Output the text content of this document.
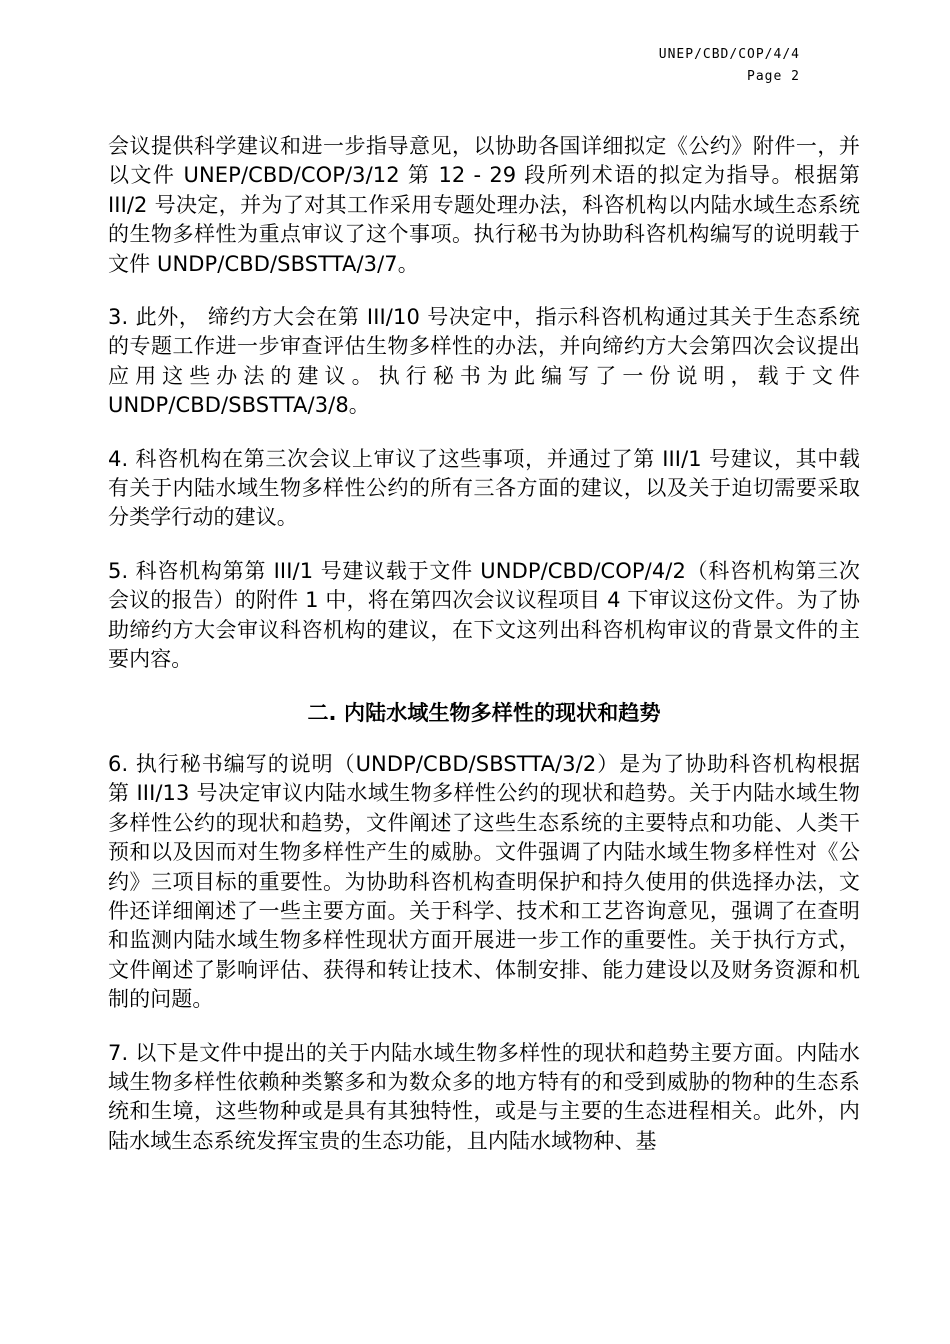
UNEP/CBD/COP/4/4
Page 2

会议提供科学建议和进一步指导意见，以协助各国详细拟定《公约》附件一，并以文件 UNEP/CBD/COP/3/12 第 12 - 29 段所列术语的拟定为指导。根据第 III/2 号决定，并为了对其工作采用专题处理办法，科咨机构以内陆水域生态系统的生物多样性为重点审议了这个事项。执行秘书为协助科咨机构编写的说明载于文件 UNDP/CBD/SBSTTA/3/7。

3. 此外， 缔约方大会在第 III/10 号决定中，指示科咨机构通过其关于生态系统的专题工作进一步审查评估生物多样性的办法，并向缔约方大会第四次会议提出应用这些办法的建议。执行秘书为此编写了一份说明，载于文件 UNDP/CBD/SBSTTA/3/8。

4. 科咨机构在第三次会议上审议了这些事项，并通过了第 III/1 号建议，其中载有关于内陆水域生物多样性公约的所有三各方面的建议，以及关于迫切需要采取分类学行动的建议。

5. 科咨机构第第 III/1 号建议载于文件 UNDP/CBD/COP/4/2（科咨机构第三次会议的报告）的附件 1 中，将在第四次会议议程项目 4 下审议这份文件。为了协助缔约方大会审议科咨机构的建议，在下文这列出科咨机构审议的背景文件的主要内容。

二. 内陆水域生物多样性的现状和趋势

6. 执行秘书编写的说明（UNDP/CBD/SBSTTA/3/2）是为了协助科咨机构根据第 III/13 号决定审议内陆水域生物多样性公约的现状和趋势。关于内陆水域生物多样性公约的现状和趋势，文件阐述了这些生态系统的主要特点和功能、人类干预和以及因而对生物多样性产生的威胁。文件强调了内陆水域生物多样性对《公约》三项目标的重要性。为协助科咨机构查明保护和持久使用的供选择办法，文件还详细阐述了一些主要方面。关于科学、技术和工艺咨询意见，强调了在查明和监测内陆水域生物多样性现状方面开展进一步工作的重要性。关于执行方式，文件阐述了影响评估、获得和转让技术、体制安排、能力建设以及财务资源和机制的问题。

7. 以下是文件中提出的关于内陆水域生物多样性的现状和趋势主要方面。内陆水域生物多样性依赖种类繁多和为数众多的地方特有的和受到威胁的物种的生态系统和生境，这些物种或是具有其独特性，或是与主要的生态进程相关。此外，内陆水域生态系统发挥宝贵的生态功能，且内陆水域物种、基
